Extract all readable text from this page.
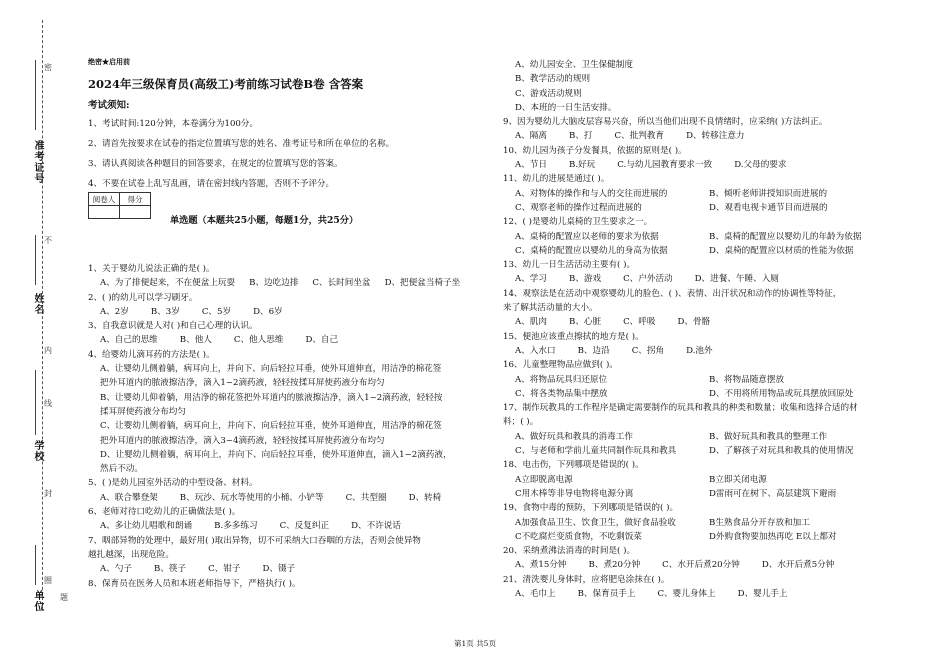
准考证号
姓名
学校
单位
密
不
内
线
封
圈
题
绝密★启用前
2024年三级保育员(高级工)考前练习试卷B卷 含答案
考试须知:
1、考试时间:120分钟，本卷满分为100分。
2、请首先按要求在试卷的指定位置填写您的姓名、准考证号和所在单位的名称。
3、请认真阅读各种题目的回答要求，在规定的位置填写您的答案。
4、不要在试卷上乱写乱画，请在密封线内答题，否则不予评分。
阅卷人	得分

单选题（本题共25小题，每题1分，共25分）
1、关于婴幼儿说法正确的是( )。
A、为了排便起来，不在便盆上玩耍 B、边吃边排 C、长时间坐盆 D、把便盆当椅子坐
2、( )的幼儿可以学习刷牙。
A、2岁	B、3岁	C、5岁	D、6岁
3、自我意识就是人对( )和自己心理的认识。
A、自己的思维	B、他人	C、他人思维	D、自己
4、给婴幼儿滴耳药的方法是( )。
A、让婴幼儿侧着躺，病耳向上，并向下、向后轻拉耳垂，使外耳道伸直，用洁净的棉花签
把外耳道内的脓液擦洁净，滴入1~2滴药液，轻轻按揉耳屏使药液分布均匀
B、让婴幼儿仰着躺，用洁净的棉花签把外耳道内的脓液擦洁净，滴入1~2滴药液，轻轻按
揉耳屏使药液分布均匀
C、让婴幼儿侧着躺，病耳向上，并向下、向后轻拉耳垂，使外耳道伸直，用洁净的棉花签
把外耳道内的脓液擦洁净，滴入3~4滴药液，轻轻按揉耳屏使药液分布均匀
D、让婴幼儿侧着躺，病耳向上，并向下、向后轻拉耳垂，使外耳道伸直，滴入1~2滴药液，
然后不动。
5、( )是幼儿园室外活动的中型设备、材料。
A、联合攀登架	B、玩沙、玩水等使用的小桶、小铲等	C、共型圈	D、转椅
6、老师对待口吃幼儿的正确做法是( )。
A、多让幼儿唱歌和朗诵	B.多多练习	C、反复纠正	D、不许说话
7、咽部异物的处理中，最好用( )取出异物，切不可采纳大口吞咽的方法，否则会使异物
越扎越深，出现危险。
A、勺子	B、筷子	C、钳子	D、镊子
8、保育员在医务人员和本班老师指导下，严格执行( )。
A、幼儿园安全、卫生保健制度
B、教学活动的规则
C、游戏活动规则
D、本班的一日生活安排。
9、因为婴幼儿大脑皮层容易兴奋，所以当他们出现不良情绪时，应采纳( )方法纠正。
A、隔离	B、打	C、批判教育	D、转移注意力
10、幼儿园为孩子分发餐具，依据的原则是( )。
A、节日	B.好玩	C.与幼儿园教育要求一致	D.父母的要求
11、幼儿的进展是通过( )。
A、对物体的操作和与人的交往而进展的	B、倾听老师讲授知识而进展的
C、观察老师的操作过程而进展的	D、观看电视卡通节目而进展的
12、( )是婴幼儿桌椅的卫生要求之一。
A、桌椅的配置应以老师的要求为依据	B、桌椅的配置应以婴幼儿的年龄为依据
C、桌椅的配置应以婴幼儿的身高为依据	D、桌椅的配置应以材质的性能为依据
13、幼儿一日生活活动主要有( )。
A、学习	B、游戏	C、户外活动	D、进餐、午睡、入厕
14、观察法是在活动中观察婴幼儿的脸色、( )、表情、出汗状况和动作的协调性等特征，
来了解其活动量的大小。
A、肌肉	B、心脏	C、呼吸	D、骨骼
15、便池应该重点擦拭的地方是( )。
A、入水口	B、边沿	C、拐角	D.池外
16、儿童整理物品应做到( )。
A、将物品玩具归还原位	B、将物品随意摆放
C、将各类物品集中摆放	D、不用将所用物品或玩具摆放回原处
17、制作玩教具的工作程序是确定需要制作的玩具和教具的种类和数量；收集和选择合适的材
料；( )。
A、做好玩具和教具的消毒工作	B、做好玩具和教具的整理工作
C、与老师和学前儿童共同制作玩具和教具	D、了解孩子对玩具和教具的使用情况
18、电击伤，下列哪项是错误的( )。
A立即脱离电源	B立即关闭电源
C用木棒等非导电物将电源分离	D雷雨可在树下、高层建筑下避雨
19、食物中毒的预防，下列哪项是错误的( )。
A加强食品卫生、饮食卫生，做好食品验收	B生熟食品分开存放和加工
C不吃腐烂变质食物，不吃剩饭菜	D外购食物要加热再吃 E以上都对
20、采纳煮沸法消毒的时间是( )。
A、煮15分钟	B、煮20分钟	C、水开后煮20分钟	D、水开后煮5分钟
21、清洗婴儿身体时，应将肥皂涂抹在( )。
A、毛巾上	B、保育员手上	C、婴儿身体上	D、婴儿手上
第1页 共5页
